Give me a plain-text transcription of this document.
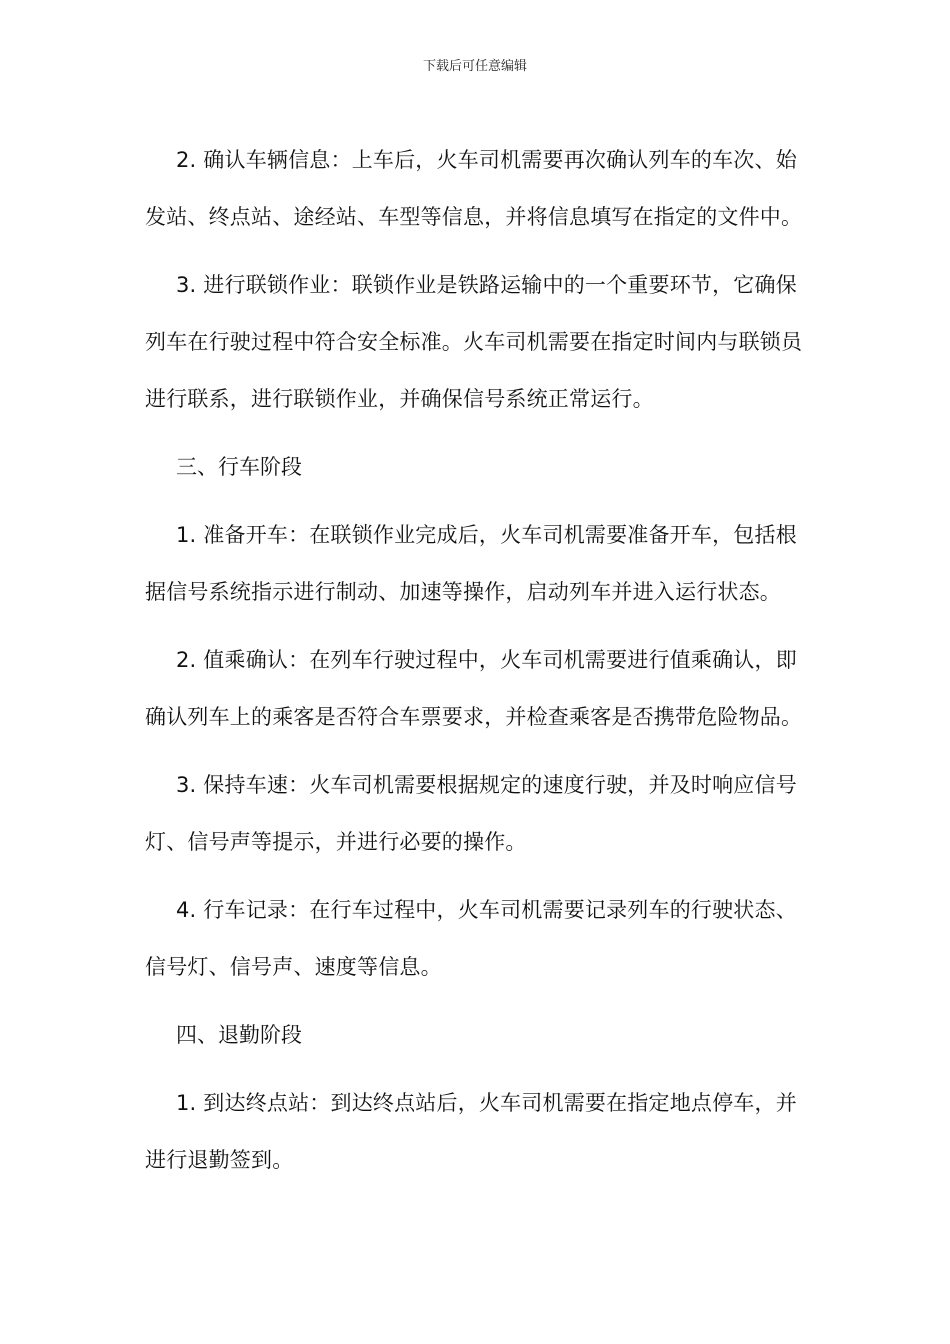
下载后可任意编辑

2. 确认车辆信息：上车后，火车司机需要再次确认列车的车次、始发站、终点站、途经站、车型等信息，并将信息填写在指定的文件中。

3. 进行联锁作业：联锁作业是铁路运输中的一个重要环节，它确保列车在行驶过程中符合安全标准。火车司机需要在指定时间内与联锁员进行联系，进行联锁作业，并确保信号系统正常运行。

三、行车阶段

1. 准备开车：在联锁作业完成后，火车司机需要准备开车，包括根据信号系统指示进行制动、加速等操作，启动列车并进入运行状态。

2. 值乘确认：在列车行驶过程中，火车司机需要进行值乘确认，即确认列车上的乘客是否符合车票要求，并检查乘客是否携带危险物品。

3. 保持车速：火车司机需要根据规定的速度行驶，并及时响应信号灯、信号声等提示，并进行必要的操作。

4. 行车记录：在行车过程中，火车司机需要记录列车的行驶状态、信号灯、信号声、速度等信息。

四、退勤阶段

1. 到达终点站：到达终点站后，火车司机需要在指定地点停车，并进行退勤签到。
